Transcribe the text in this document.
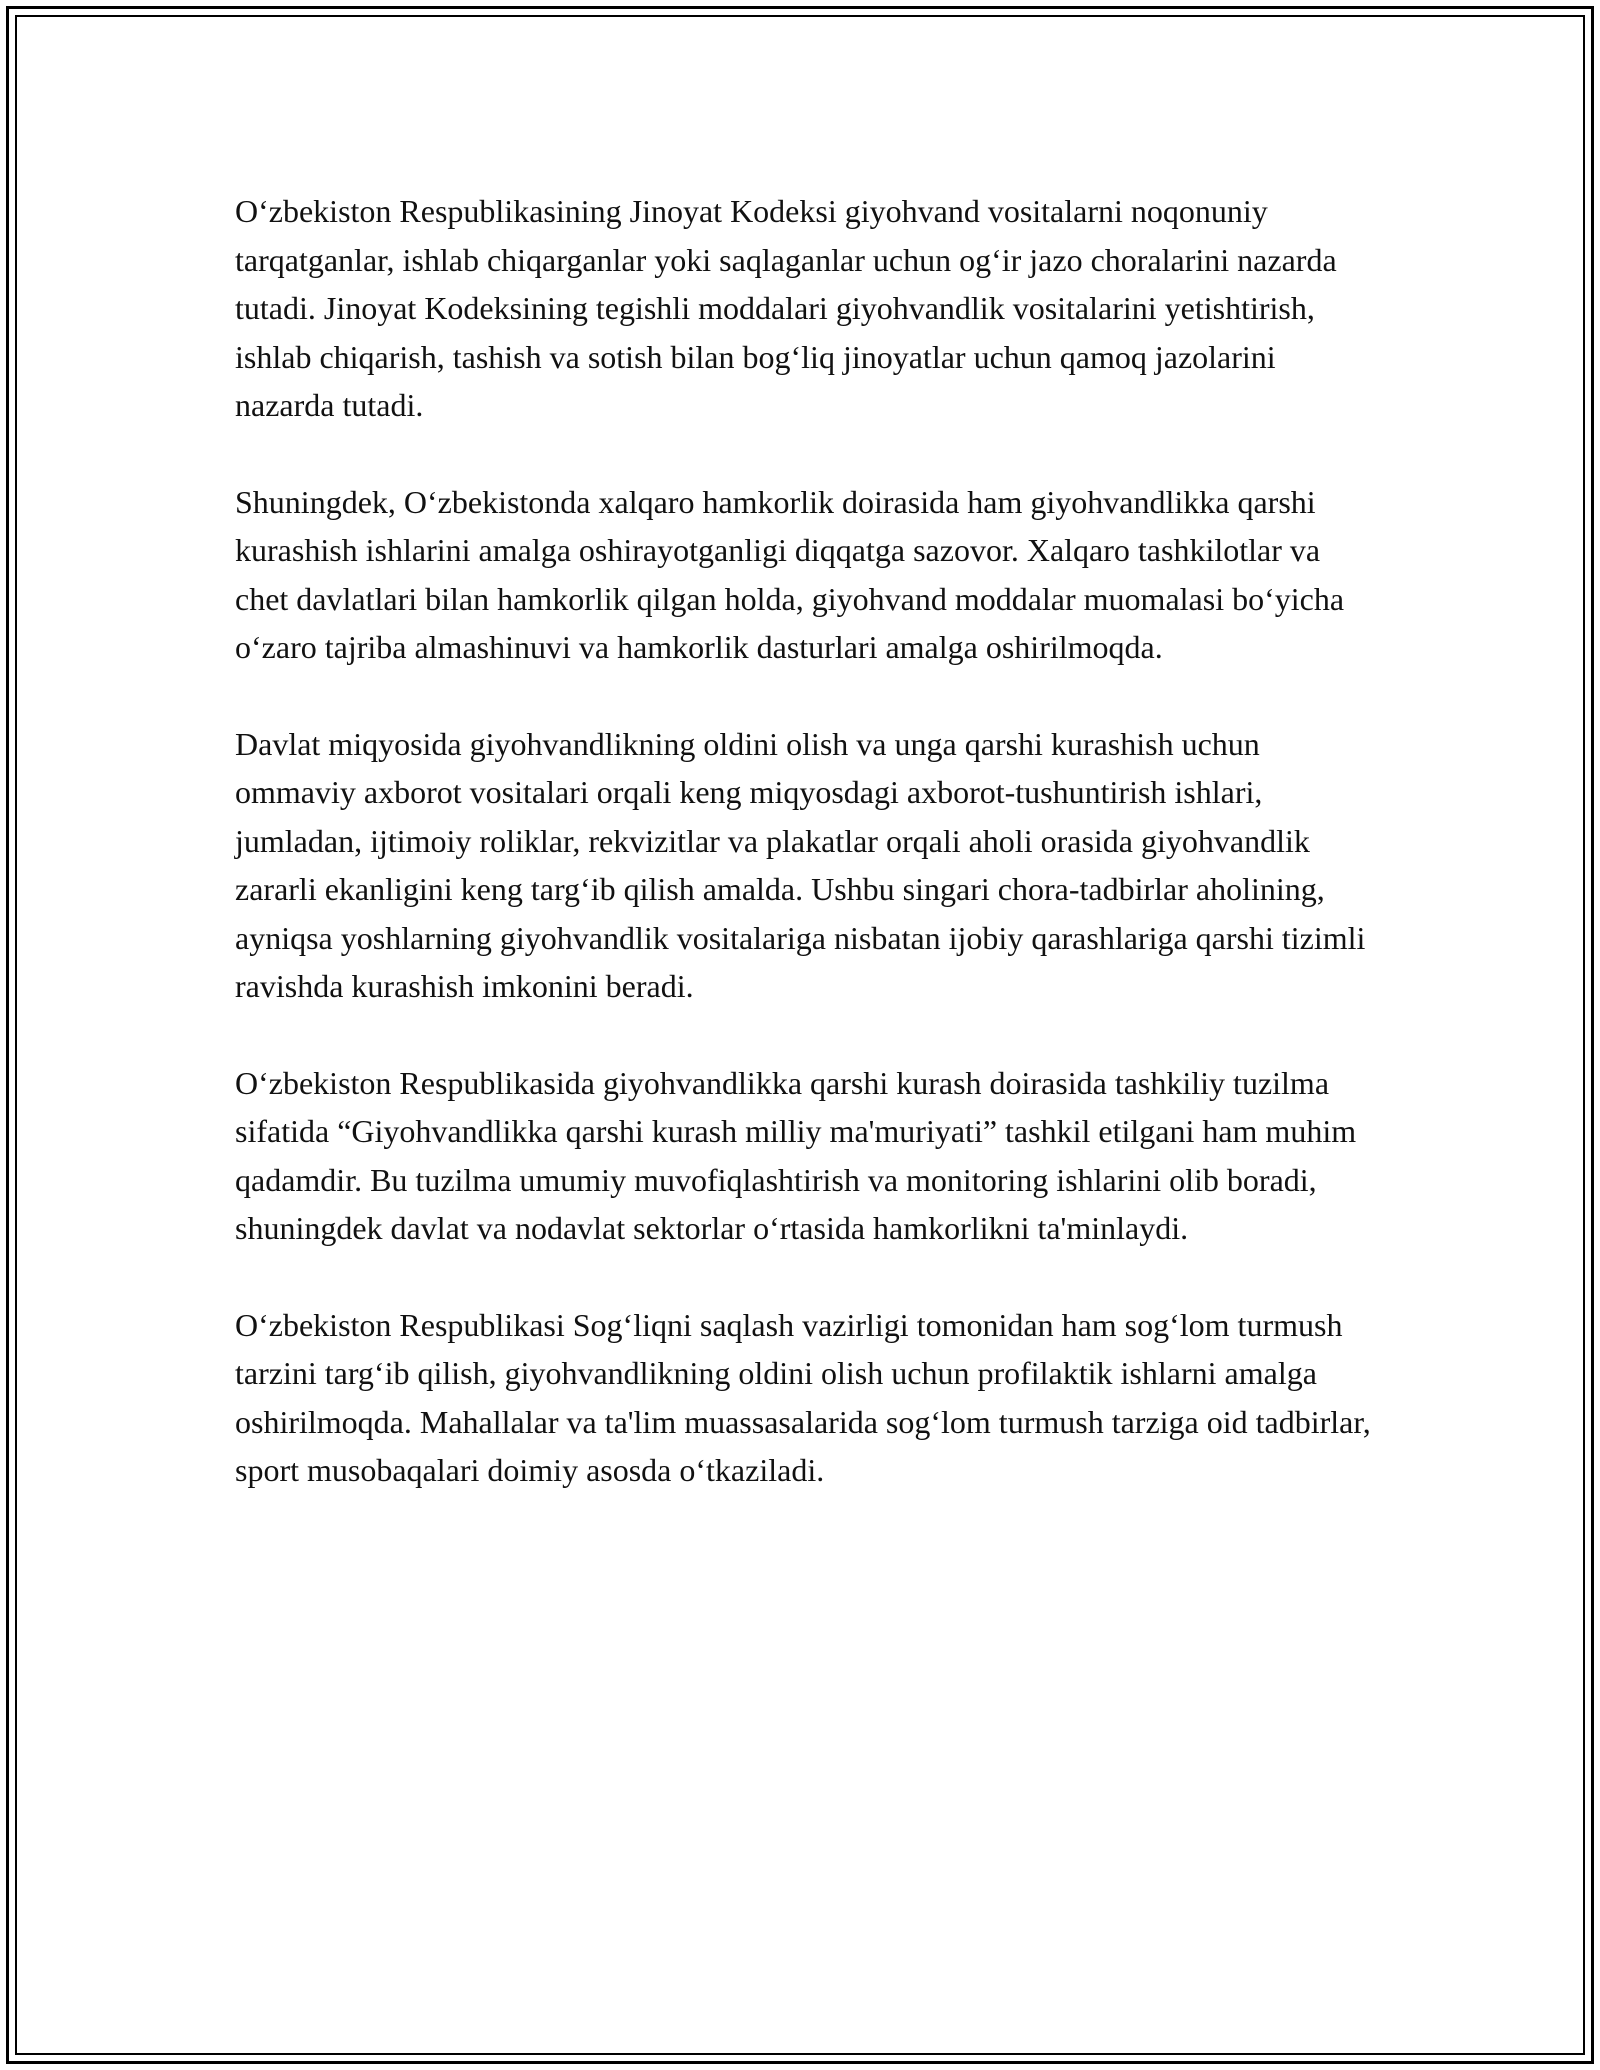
O‘zbekiston Respublikasining Jinoyat Kodeksi giyohvand vositalarni noqonuniy tarqatganlar, ishlab chiqarganlar yoki saqlaganlar uchun og‘ir jazo choralarini nazarda tutadi. Jinoyat Kodeksining tegishli moddalari giyohvandlik vositalarini yetishtirish, ishlab chiqarish, tashish va sotish bilan bog‘liq jinoyatlar uchun qamoq jazolarini nazarda tutadi.

Shuningdek, O‘zbekistonda xalqaro hamkorlik doirasida ham giyohvandlikka qarshi kurashish ishlarini amalga oshirayotganligi diqqatga sazovor. Xalqaro tashkilotlar va chet davlatlari bilan hamkorlik qilgan holda, giyohvand moddalar muomalasi bo‘yicha o‘zaro tajriba almashinuvi va hamkorlik dasturlari amalga oshirilmoqda.

Davlat miqyosida giyohvandlikning oldini olish va unga qarshi kurashish uchun ommaviy axborot vositalari orqali keng miqyosdagi axborot-tushuntirish ishlari, jumladan, ijtimoiy roliklar, rekvizitlar va plakatlar orqali aholi orasida giyohvandlik zararli ekanligini keng targ‘ib qilish amalda. Ushbu singari chora-tadbirlar aholining, ayniqsa yoshlarning giyohvandlik vositalariga nisbatan ijobiy qarashlariga qarshi tizimli ravishda kurashish imkonini beradi.

O‘zbekiston Respublikasida giyohvandlikka qarshi kurash doirasida tashkiliy tuzilma sifatida “Giyohvandlikka qarshi kurash milliy ma'muriyati” tashkil etilgani ham muhim qadamdir. Bu tuzilma umumiy muvofiqlashtirish va monitoring ishlarini olib boradi, shuningdek davlat va nodavlat sektorlar o‘rtasida hamkorlikni ta'minlaydi.

O‘zbekiston Respublikasi Sog‘liqni saqlash vazirligi tomonidan ham sog‘lom turmush tarzini targ‘ib qilish, giyohvandlikning oldini olish uchun profilaktik ishlarni amalga oshirilmoqda. Mahallalar va ta'lim muassasalarida sog‘lom turmush tarziga oid tadbirlar, sport musobaqalari doimiy asosda o‘tkaziladi.
